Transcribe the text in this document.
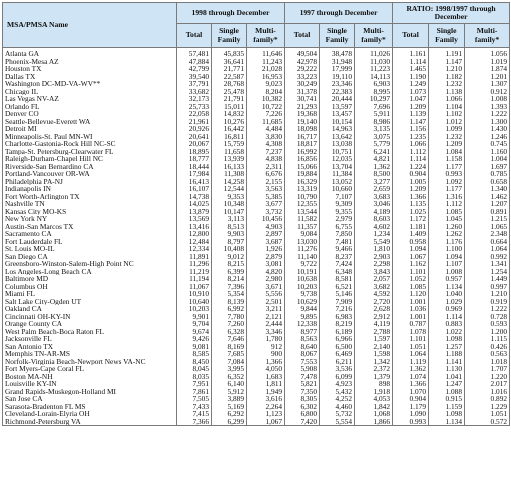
MSA/PMSA Name	1998 through December			1997 through December			RATIO: 1998/1997 through December		
	Total	Single Family	Multi-family*	Total	Single Family	Multi-family*	Total	Single Family	Multi-family*
Atlanta GA	57,481	45,835	11,646	49,504	38,478	11,026	1.161	1.191	1.056
Phoenix-Mesa AZ	47,884	36,641	11,243	42,978	31,948	11,030	1.114	1.147	1.019
Houston TX	42,799	21,771	21,028	29,222	17,999	11,223	1.465	1.210	1.874
Dallas TX	39,540	22,587	16,953	33,223	19,110	14,113	1.190	1.182	1.201
Washington DC-MD-VA-WV**	37,791	28,768	9,023	30,249	23,346	6,903	1.249	1.232	1.307
Chicago IL	33,682	25,478	8,204	31,378	22,383	8,995	1.073	1.138	0.912
Las Vegas NV-AZ	32,173	21,791	10,382	30,741	20,444	10,297	1.047	1.066	1.008
Orlando FL	25,733	15,011	10,722	21,293	13,597	7,696	1.209	1.104	1.393
Denver CO	22,058	14,832	7,226	19,368	13,457	5,911	1.139	1.102	1.222
Seattle-Bellevue-Everett WA	21,961	10,276	11,685	19,140	10,154	8,986	1.147	1.012	1.300
Detroit MI	20,926	16,442	4,484	18,098	14,963	3,135	1.156	1.099	1.430
Minneapolis-St. Paul MN-WI	20,641	16,811	3,830	16,717	13,642	3,075	1.235	1.232	1.246
Charlotte-Gastonia-Rock Hill NC-SC	20,067	15,759	4,308	18,817	13,038	5,779	1.066	1.209	0.745
Tampa-St. Petersburg-Clearwater FL	18,895	11,658	7,237	16,992	10,751	6,241	1.112	1.084	1.160
Raleigh-Durham-Chapel Hill NC	18,777	13,939	4,838	16,856	12,035	4,821	1.114	1.158	1.004
Riverside-San Bernardino CA	18,444	16,133	2,311	15,066	13,704	1,362	1.224	1.177	1.697
Portland-Vancouver OR-WA	17,984	11,308	6,676	19,884	11,384	8,500	0.904	0.993	0.785
Philadelphia PA-NJ	16,413	14,258	2,155	16,329	13,052	3,277	1.005	1.092	0.658
Indianapolis IN	16,107	12,544	3,563	13,319	10,660	2,659	1.209	1.177	1.340
Fort Worth-Arlington TX	14,738	9,353	5,385	10,790	7,107	3,683	1.366	1.316	1.462
Nashville TN	14,025	10,348	3,677	12,355	9,309	3,046	1.135	1.112	1.207
Kansas City MO-KS	13,879	10,147	3,732	13,544	9,355	4,189	1.025	1.085	0.891
New York NY	13,569	3,113	10,456	11,582	2,979	8,603	1.172	1.045	1.215
Austin-San Marcos TX	13,416	8,513	4,903	11,357	6,755	4,602	1.181	1.260	1.065
Sacramento CA	12,800	9,903	2,897	9,084	7,850	1,234	1.409	1.262	2.348
Fort Lauderdale FL	12,484	8,797	3,687	13,030	7,481	5,549	0.958	1.176	0.664
St. Louis MO-IL	12,334	10,408	1,926	11,276	9,466	1,810	1.094	1.100	1.064
San Diego CA	11,891	9,012	2,879	11,140	8,237	2,903	1.067	1.094	0.992
Greensboro-Winston-Salem-High Point NC	11,296	8,215	3,081	9,722	7,424	2,298	1.162	1.107	1.341
Los Angeles-Long Beach CA	11,219	6,399	4,820	10,191	6,348	3,843	1.101	1.008	1.254
Baltimore MD	11,194	8,214	2,980	10,638	8,581	2,057	1.052	0.957	1.449
Columbus OH	11,067	7,396	3,671	10,203	6,521	3,682	1.085	1.134	0.997
Miami FL	10,910	5,354	5,556	9,738	5,146	4,592	1.120	1.040	1.210
Salt Lake City-Ogden UT	10,640	8,139	2,501	10,629	7,909	2,720	1.001	1.029	0.919
Oakland CA	10,203	6,992	3,211	9,844	7,216	2,628	1.036	0.969	1.222
Cincinnati OH-KY-IN	9,901	7,780	2,121	9,895	6,983	2,912	1.001	1.114	0.728
Orange County CA	9,704	7,260	2,444	12,338	8,219	4,119	0.787	0.883	0.593
West Palm Beach-Boca Raton FL	9,674	6,328	3,346	8,977	6,189	2,788	1.078	1.022	1.200
Jacksonville FL	9,426	7,646	1,780	8,563	6,966	1,597	1.101	1.098	1.115
San Antonio TX	9,081	8,169	912	8,640	6,500	2,140	1.051	1.257	0.426
Memphis TN-AR-MS	8,585	7,685	900	8,067	6,469	1,598	1.064	1.188	0.563
Norfolk-Virginia Beach-Newport News VA-NC	8,450	7,084	1,366	7,553	6,211	1,342	1.119	1.141	1.018
Fort Myers-Cape Coral FL	8,045	3,995	4,050	5,908	3,536	2,372	1.362	1.130	1.707
Boston MA-NH	8,035	6,352	1,683	7,478	6,099	1,379	1.074	1.041	1.220
Louisville KY-IN	7,951	6,140	1,811	5,821	4,923	898	1.366	1.247	2.017
Grand Rapids-Muskegon-Holland MI	7,861	5,912	1,949	7,350	5,432	1,918	1.070	1.088	1.016
San Jose CA	7,505	3,889	3,616	8,305	4,252	4,053	0.904	0.915	0.892
Sarasota-Bradenton FL MS	7,433	5,169	2,264	6,302	4,460	1,842	1.179	1.159	1.229
Cleveland-Lorain-Elyria OH	7,415	6,292	1,123	6,800	5,732	1,068	1.090	1.098	1.051
Richmond-Petersburg VA	7,366	6,299	1,067	7,420	5,554	1,866	0.993	1.134	0.572
